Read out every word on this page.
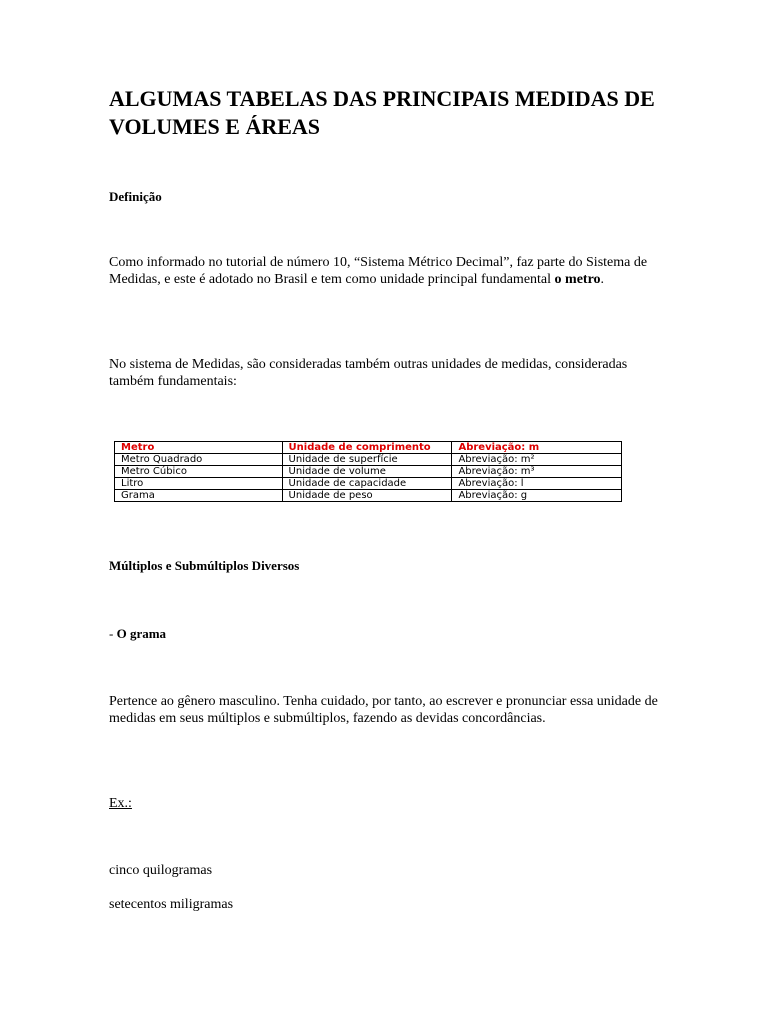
ALGUMAS TABELAS DAS PRINCIPAIS MEDIDAS DE VOLUMES E ÁREAS

Definição

Como informado no tutorial de número 10, “Sistema Métrico Decimal”, faz parte do Sistema de Medidas, e este é adotado no Brasil e tem como unidade principal fundamental o metro.

No sistema de Medidas, são consideradas também outras unidades de medidas, consideradas também fundamentais:

Metro	Unidade de comprimento	Abreviação: m
Metro Quadrado	Unidade de superfície	Abreviação: m²
Metro Cúbico	Unidade de volume	Abreviação: m³
Litro	Unidade de capacidade	Abreviação: l
Grama	Unidade de peso	Abreviação: g

Múltiplos e Submúltiplos Diversos

- O grama

Pertence ao gênero masculino. Tenha cuidado, por tanto, ao escrever e pronunciar essa unidade de medidas em seus múltiplos e submúltiplos, fazendo as devidas concordâncias.

Ex.:

cinco quilogramas

setecentos miligramas
